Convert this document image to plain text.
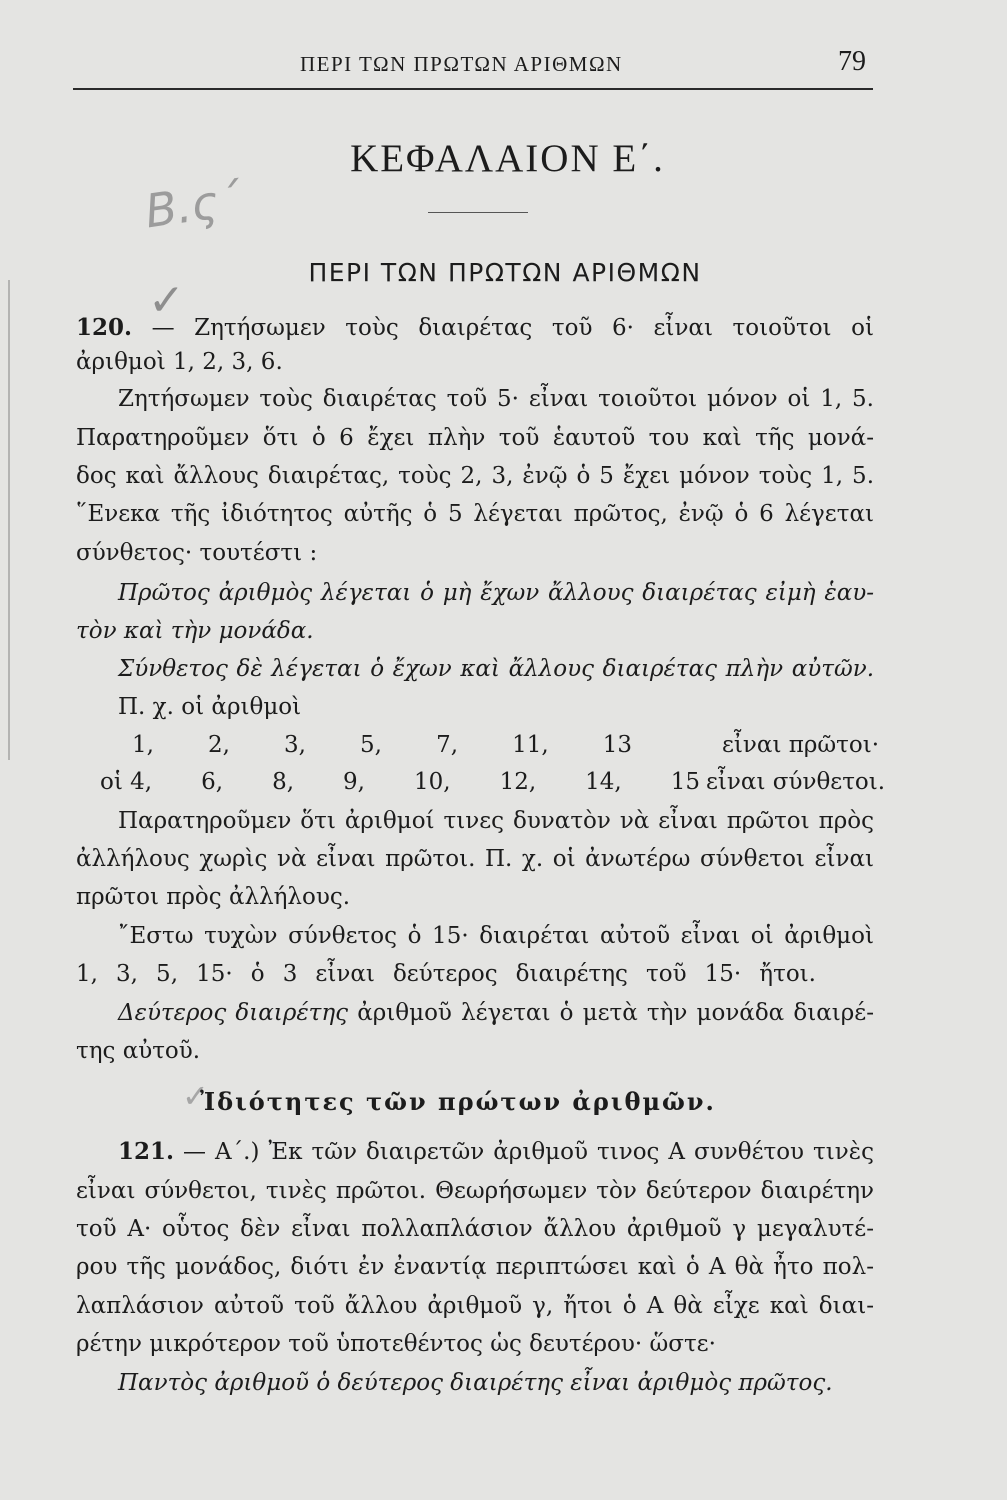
ΠΕΡΙ ΤΩΝ ΠΡΩΤΩΝ ΑΡΙΘΜΩΝ	79
Β.ς΄
✓
ΚΕΦΑΛΑΙΟΝ Ε΄.
ΠΕΡΙ ΤΩΝ ΠΡΩΤΩΝ ΑΡΙΘΜΩΝ
120. — Ζητήσωμεν τοὺς διαιρέτας τοῦ 6· εἶναι τοιοῦτοι οἱ
ἀριθμοὶ 1, 2, 3, 6.
Ζητήσωμεν τοὺς διαιρέτας τοῦ 5· εἶναι τοιοῦτοι μόνον οἱ 1, 5.
Παρατηροῦμεν ὅτι ὁ 6 ἔχει πλὴν τοῦ ἑαυτοῦ του καὶ τῆς μονά-
δος καὶ ἄλλους διαιρέτας, τοὺς 2, 3, ἐνῷ ὁ 5 ἔχει μόνον τοὺς 1, 5.
῞Ενεκα τῆς ἰδιότητος αὐτῆς ὁ 5 λέγεται πρῶτος, ἐνῷ ὁ 6 λέγεται
σύνθετος· τουτέστι :
Πρῶτος ἀριθμὸς λέγεται ὁ μὴ ἔχων ἄλλους διαιρέτας εἰμὴ ἑαυ-
τὸν καὶ τὴν μονάδα.
Σύνθετος δὲ λέγεται ὁ ἔχων καὶ ἄλλους διαιρέτας πλὴν αὐτῶν.
Π. χ. οἱ ἀριθμοὶ
1, 2, 3, 5, 7, 11, 13	εἶναι πρῶτοι·
οἱ 4, 6, 8, 9, 10, 12, 14, 15 εἶναι σύνθετοι.
Παρατηροῦμεν ὅτι ἀριθμοί τινες δυνατὸν νὰ εἶναι πρῶτοι πρὸς
ἀλλήλους χωρὶς νὰ εἶναι πρῶτοι. Π. χ. οἱ ἀνωτέρω σύνθετοι εἶναι
πρῶτοι πρὸς ἀλλήλους.
῎Εστω τυχὼν σύνθετος ὁ 15· διαιρέται αὐτοῦ εἶναι οἱ ἀριθμοὶ
1, 3, 5, 15· ὁ 3 εἶναι δεύτερος διαιρέτης τοῦ 15· ἤτοι.
Δεύτερος διαιρέτης ἀριθμοῦ λέγεται ὁ μετὰ τὴν μονάδα διαιρέ-
της αὐτοῦ.
✓
Ἰδιότητες τῶν πρώτων ἀριθμῶν.
121. — Α΄.) Ἐκ τῶν διαιρετῶν ἀριθμοῦ τινος Α συνθέτου τινὲς
εἶναι σύνθετοι, τινὲς πρῶτοι. Θεωρήσωμεν τὸν δεύτερον διαιρέτην
τοῦ Α· οὗτος δὲν εἶναι πολλαπλάσιον ἄλλου ἀριθμοῦ γ μεγαλυτέ-
ρου τῆς μονάδος, διότι ἐν ἐναντίᾳ περιπτώσει καὶ ὁ Α θὰ ἦτο πολ-
λαπλάσιον αὐτοῦ τοῦ ἄλλου ἀριθμοῦ γ, ἤτοι ὁ Α θὰ εἶχε καὶ διαι-
ρέτην μικρότερον τοῦ ὑποτεθέντος ὡς δευτέρου· ὥστε·
Παντὸς ἀριθμοῦ ὁ δεύτερος διαιρέτης εἶναι ἀριθμὸς πρῶτος.
